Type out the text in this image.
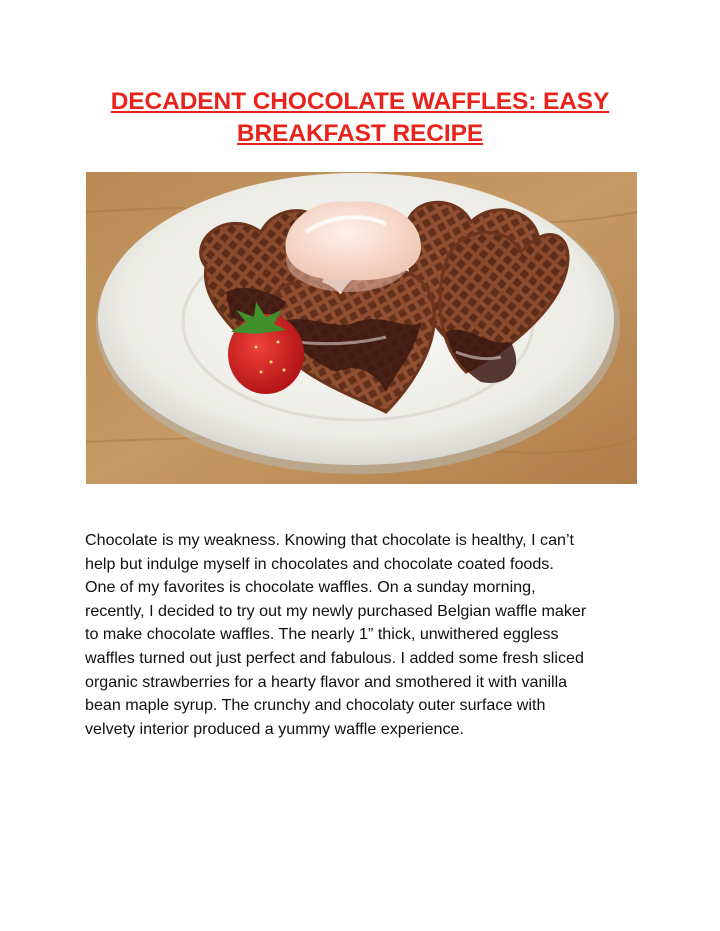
DECADENT CHOCOLATE WAFFLES: EASY
BREAKFAST RECIPE

Chocolate is my weakness. Knowing that chocolate is healthy, I can’t
help but indulge myself in chocolates and chocolate coated foods.
One of my favorites is chocolate waffles. On a sunday morning,
recently, I decided to try out my newly purchased Belgian waffle maker
to make chocolate waffles. The nearly 1” thick, unwithered eggless
waffles turned out just perfect and fabulous. I added some fresh sliced
organic strawberries for a hearty flavor and smothered it with vanilla
bean maple syrup. The crunchy and chocolaty outer surface with
velvety interior produced a yummy waffle experience.
